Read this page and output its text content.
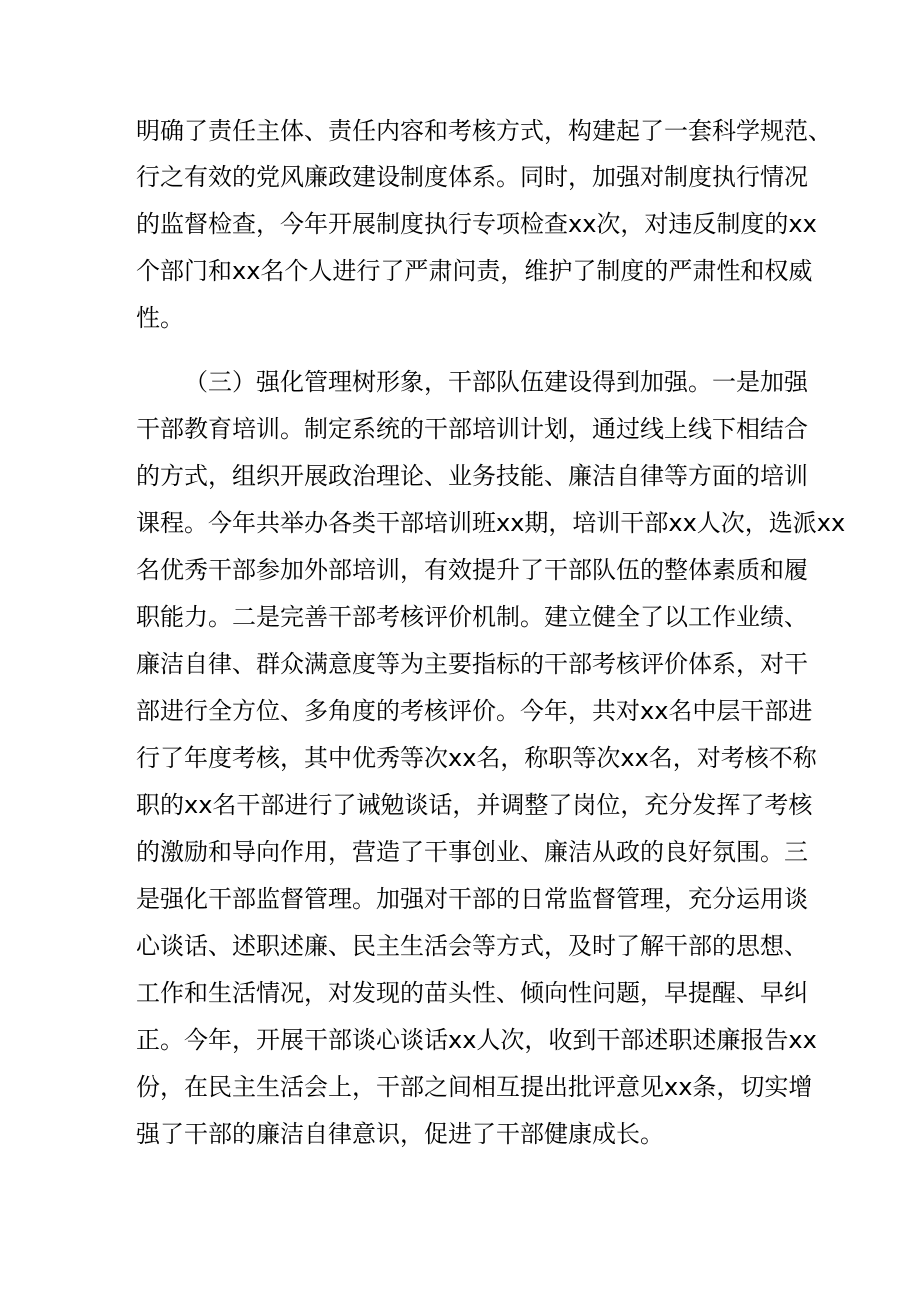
明确了责任主体、责任内容和考核方式，构建起了一套科学规范、
行之有效的党风廉政建设制度体系。同时，加强对制度执行情况
的监督检查，今年开展制度执行专项检查xx次，对违反制度的xx
个部门和xx名个人进行了严肃问责，维护了制度的严肃性和权威
性。
（三）强化管理树形象，干部队伍建设得到加强。一是加强
干部教育培训。制定系统的干部培训计划，通过线上线下相结合
的方式，组织开展政治理论、业务技能、廉洁自律等方面的培训
课程。今年共举办各类干部培训班xx期，培训干部xx人次，选派xx
名优秀干部参加外部培训，有效提升了干部队伍的整体素质和履
职能力。二是完善干部考核评价机制。建立健全了以工作业绩、
廉洁自律、群众满意度等为主要指标的干部考核评价体系，对干
部进行全方位、多角度的考核评价。今年，共对xx名中层干部进
行了年度考核，其中优秀等次xx名，称职等次xx名，对考核不称
职的xx名干部进行了诫勉谈话，并调整了岗位，充分发挥了考核
的激励和导向作用，营造了干事创业、廉洁从政的良好氛围。三
是强化干部监督管理。加强对干部的日常监督管理，充分运用谈
心谈话、述职述廉、民主生活会等方式，及时了解干部的思想、
工作和生活情况，对发现的苗头性、倾向性问题，早提醒、早纠
正。今年，开展干部谈心谈话xx人次，收到干部述职述廉报告xx
份，在民主生活会上，干部之间相互提出批评意见xx条，切实增
强了干部的廉洁自律意识，促进了干部健康成长。
